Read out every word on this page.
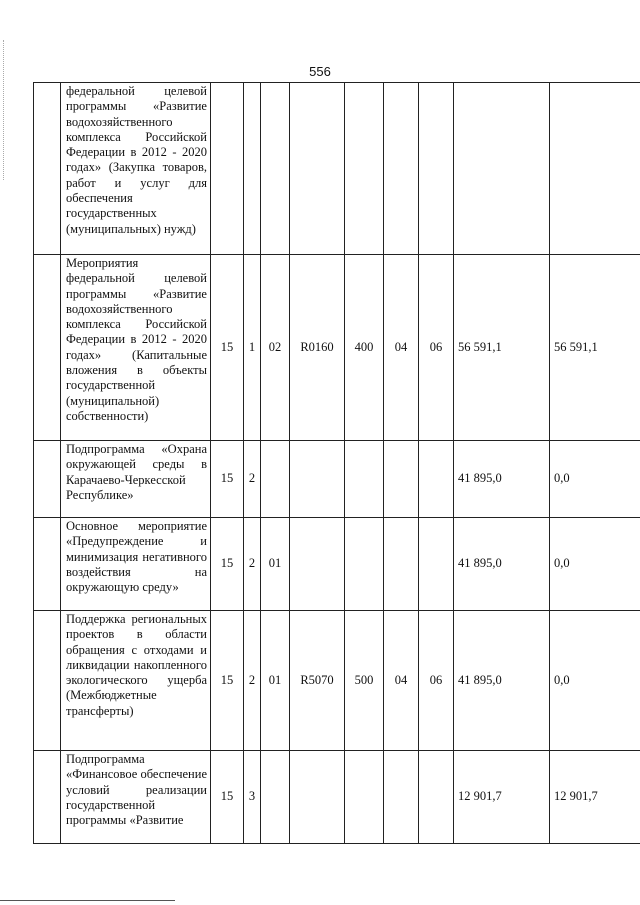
556
	федеральной целевой программы «Развитие водохозяйственного комплекса Российской Федерации в 2012 - 2020 годах» (Закупка товаров, работ и услуг для обеспечения государственных (муниципальных) нужд)									
	Мероприятия федеральной целевой программы «Развитие водохозяйственного комплекса Российской Федерации в 2012 - 2020 годах» (Капитальные вложения в объекты государственной (муниципальной) собственности)	15	1	02	R0160	400	04	06	56 591,1	56 591,1
	Подпрограмма «Охрана окружающей среды в Карачаево-Черкесской Республике»	15	2						41 895,0	0,0
	Основное мероприятие «Предупреждение и минимизация негативного воздействия на окружающую среду»	15	2	01					41 895,0	0,0
	Поддержка региональных проектов в области обращения с отходами и ликвидации накопленного экологического ущерба (Межбюджетные трансферты)	15	2	01	R5070	500	04	06	41 895,0	0,0
	Подпрограмма «Финансовое обеспечение условий реализации государственной программы «Развитие	15	3						12 901,7	12 901,7
